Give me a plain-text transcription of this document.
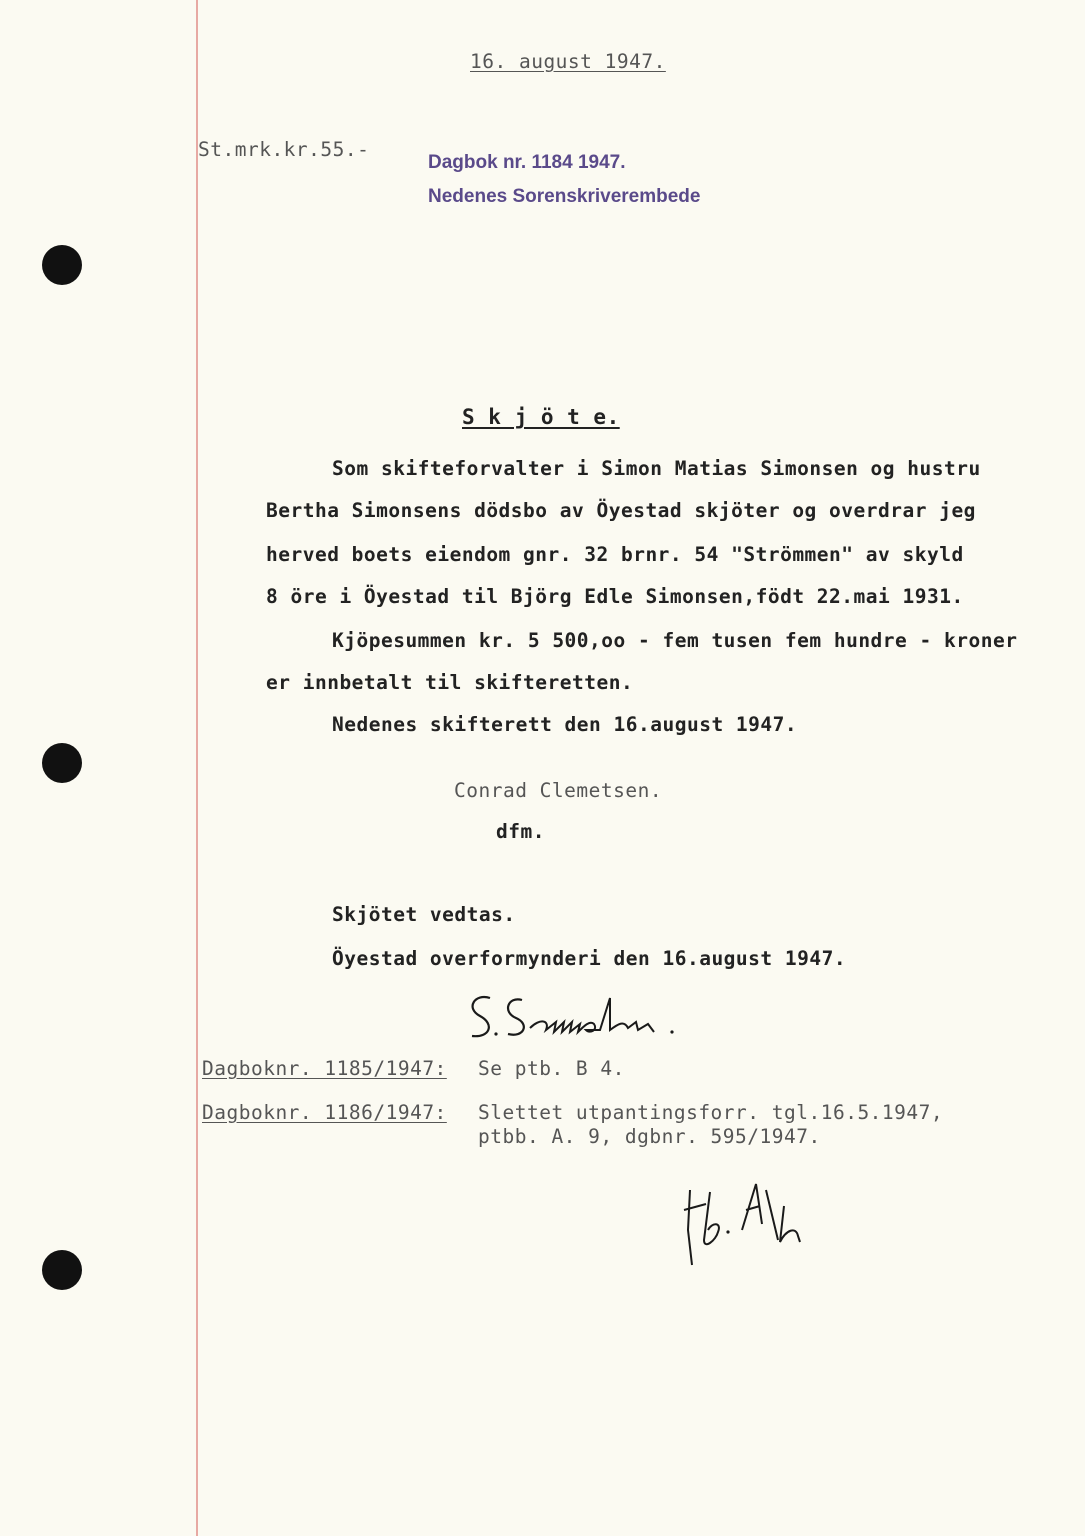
16. august 1947.
St.mrk.kr.55.-
Dagbok nr. 1184 1947.
Nedenes Sorenskriverembede
S k j ö t e.
Som skifteforvalter i Simon Matias Simonsen og hustru
Bertha Simonsens dödsbo av Öyestad skjöter og overdrar jeg
herved boets eiendom gnr. 32 brnr. 54 "Strömmen" av skyld
8 öre i Öyestad til Björg Edle Simonsen,födt 22.mai 1931.
Kjöpesummen kr. 5 500,oo - fem tusen fem hundre - kroner
er innbetalt til skifteretten.
Nedenes skifterett den 16.august 1947.
Conrad Clemetsen.
dfm.
Skjötet vedtas.
Öyestad overformynderi den 16.august 1947.
Dagboknr. 1185/1947: Se ptb. B 4.
Dagboknr. 1186/1947: Slettet utpantingsforr. tgl.16.5.1947,
ptbb. A. 9, dgbnr. 595/1947.
